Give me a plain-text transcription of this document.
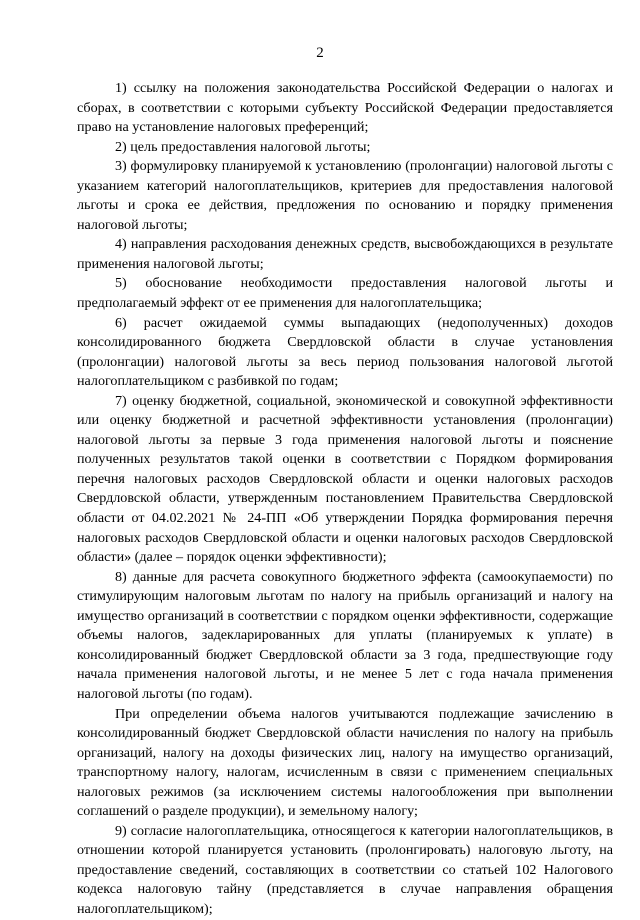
2

1) ссылку на положения законодательства Российской Федерации о налогах и сборах, в соответствии с которыми субъекту Российской Федерации предоставляется право на установление налоговых преференций;

2) цель предоставления налоговой льготы;

3) формулировку планируемой к установлению (пролонгации) налоговой льготы с указанием категорий налогоплательщиков, критериев для предоставления налоговой льготы и срока ее действия, предложения по основанию и порядку применения налоговой льготы;

4) направления расходования денежных средств, высвобождающихся в результате применения налоговой льготы;

5) обоснование необходимости предоставления налоговой льготы и предполагаемый эффект от ее применения для налогоплательщика;

6) расчет ожидаемой суммы выпадающих (недополученных) доходов консолидированного бюджета Свердловской области в случае установления (пролонгации) налоговой льготы за весь период пользования налоговой льготой налогоплательщиком с разбивкой по годам;

7) оценку бюджетной, социальной, экономической и совокупной эффективности или оценку бюджетной и расчетной эффективности установления (пролонгации) налоговой льготы за первые 3 года применения налоговой льготы и пояснение полученных результатов такой оценки в соответствии с Порядком формирования перечня налоговых расходов Свердловской области и оценки налоговых расходов Свердловской области, утвержденным постановлением Правительства Свердловской области от 04.02.2021 № 24-ПП «Об утверждении Порядка формирования перечня налоговых расходов Свердловской области и оценки налоговых расходов Свердловской области» (далее – порядок оценки эффективности);

8) данные для расчета совокупного бюджетного эффекта (самоокупаемости) по стимулирующим налоговым льготам по налогу на прибыль организаций и налогу на имущество организаций в соответствии с порядком оценки эффективности, содержащие объемы налогов, задекларированных для уплаты (планируемых к уплате) в консолидированный бюджет Свердловской области за 3 года, предшествующие году начала применения налоговой льготы, и не менее 5 лет с года начала применения налоговой льготы (по годам).

При определении объема налогов учитываются подлежащие зачислению в консолидированный бюджет Свердловской области начисления по налогу на прибыль организаций, налогу на доходы физических лиц, налогу на имущество организаций, транспортному налогу, налогам, исчисленным в связи с применением специальных налоговых режимов (за исключением системы налогообложения при выполнении соглашений о разделе продукции), и земельному налогу;

9) согласие налогоплательщика, относящегося к категории налогоплательщиков, в отношении которой планируется установить (пролонгировать) налоговую льготу, на предоставление сведений, составляющих в соответствии со статьей 102 Налогового кодекса налоговую тайну (представляется в случае направления обращения налогоплательщиком);
